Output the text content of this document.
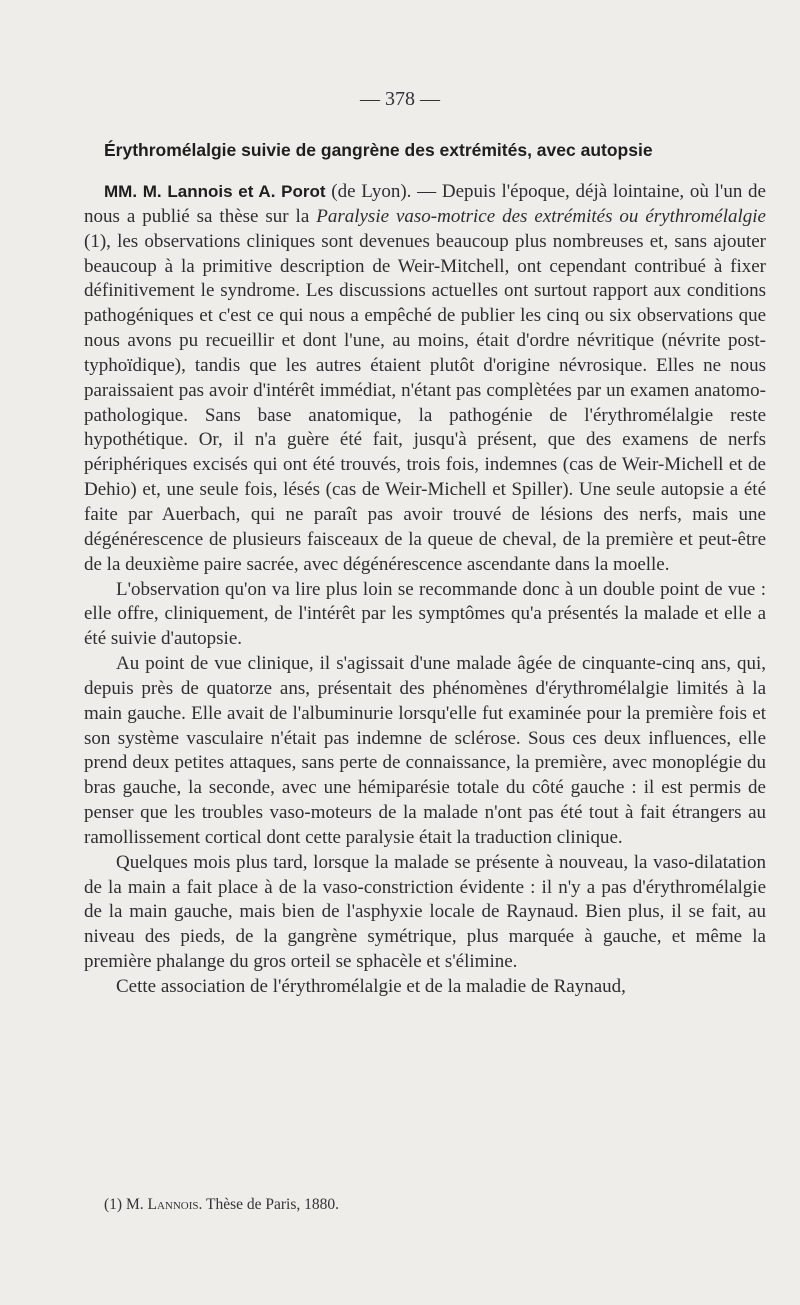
— 378 —
Érythromélalgie suivie de gangrène des extrémités, avec autopsie

MM. M. Lannois et A. Porot (de Lyon). — Depuis l'époque, déjà lointaine, où l'un de nous a publié sa thèse sur la Paralysie vaso-motrice des extrémités ou érythromélalgie (1), les observations cliniques sont devenues beaucoup plus nombreuses et, sans ajouter beaucoup à la primitive description de Weir-Mitchell, ont cependant contribué à fixer définitivement le syndrome. Les discussions actuelles ont surtout rapport aux conditions pathogéniques et c'est ce qui nous a empêché de publier les cinq ou six observations que nous avons pu recueillir et dont l'une, au moins, était d'ordre névritique (névrite post-typhoïdique), tandis que les autres étaient plutôt d'origine névrosique. Elles ne nous paraissaient pas avoir d'intérêt immédiat, n'étant pas complètées par un examen anatomo-pathologique. Sans base anatomique, la pathogénie de l'érythromélalgie reste hypothétique. Or, il n'a guère été fait, jusqu'à présent, que des examens de nerfs périphériques excisés qui ont été trouvés, trois fois, indemnes (cas de Weir-Michell et de Dehio) et, une seule fois, lésés (cas de Weir-Michell et Spiller). Une seule autopsie a été faite par Auerbach, qui ne paraît pas avoir trouvé de lésions des nerfs, mais une dégénérescence de plusieurs faisceaux de la queue de cheval, de la première et peut-être de la deuxième paire sacrée, avec dégénérescence ascendante dans la moelle.

L'observation qu'on va lire plus loin se recommande donc à un double point de vue : elle offre, cliniquement, de l'intérêt par les symptômes qu'a présentés la malade et elle a été suivie d'autopsie.

Au point de vue clinique, il s'agissait d'une malade âgée de cinquante-cinq ans, qui, depuis près de quatorze ans, présentait des phénomènes d'érythromélalgie limités à la main gauche. Elle avait de l'albuminurie lorsqu'elle fut examinée pour la première fois et son système vasculaire n'était pas indemne de sclérose. Sous ces deux influences, elle prend deux petites attaques, sans perte de connaissance, la première, avec monoplégie du bras gauche, la seconde, avec une hémiparésie totale du côté gauche : il est permis de penser que les troubles vaso-moteurs de la malade n'ont pas été tout à fait étrangers au ramollissement cortical dont cette paralysie était la traduction clinique.

Quelques mois plus tard, lorsque la malade se présente à nouveau, la vaso-dilatation de la main a fait place à de la vaso-constriction évidente : il n'y a pas d'érythromélalgie de la main gauche, mais bien de l'asphyxie locale de Raynaud. Bien plus, il se fait, au niveau des pieds, de la gangrène symétrique, plus marquée à gauche, et même la première phalange du gros orteil se sphacèle et s'élimine.

Cette association de l'érythromélalgie et de la maladie de Raynaud,

(1) M. Lannois. Thèse de Paris, 1880.
